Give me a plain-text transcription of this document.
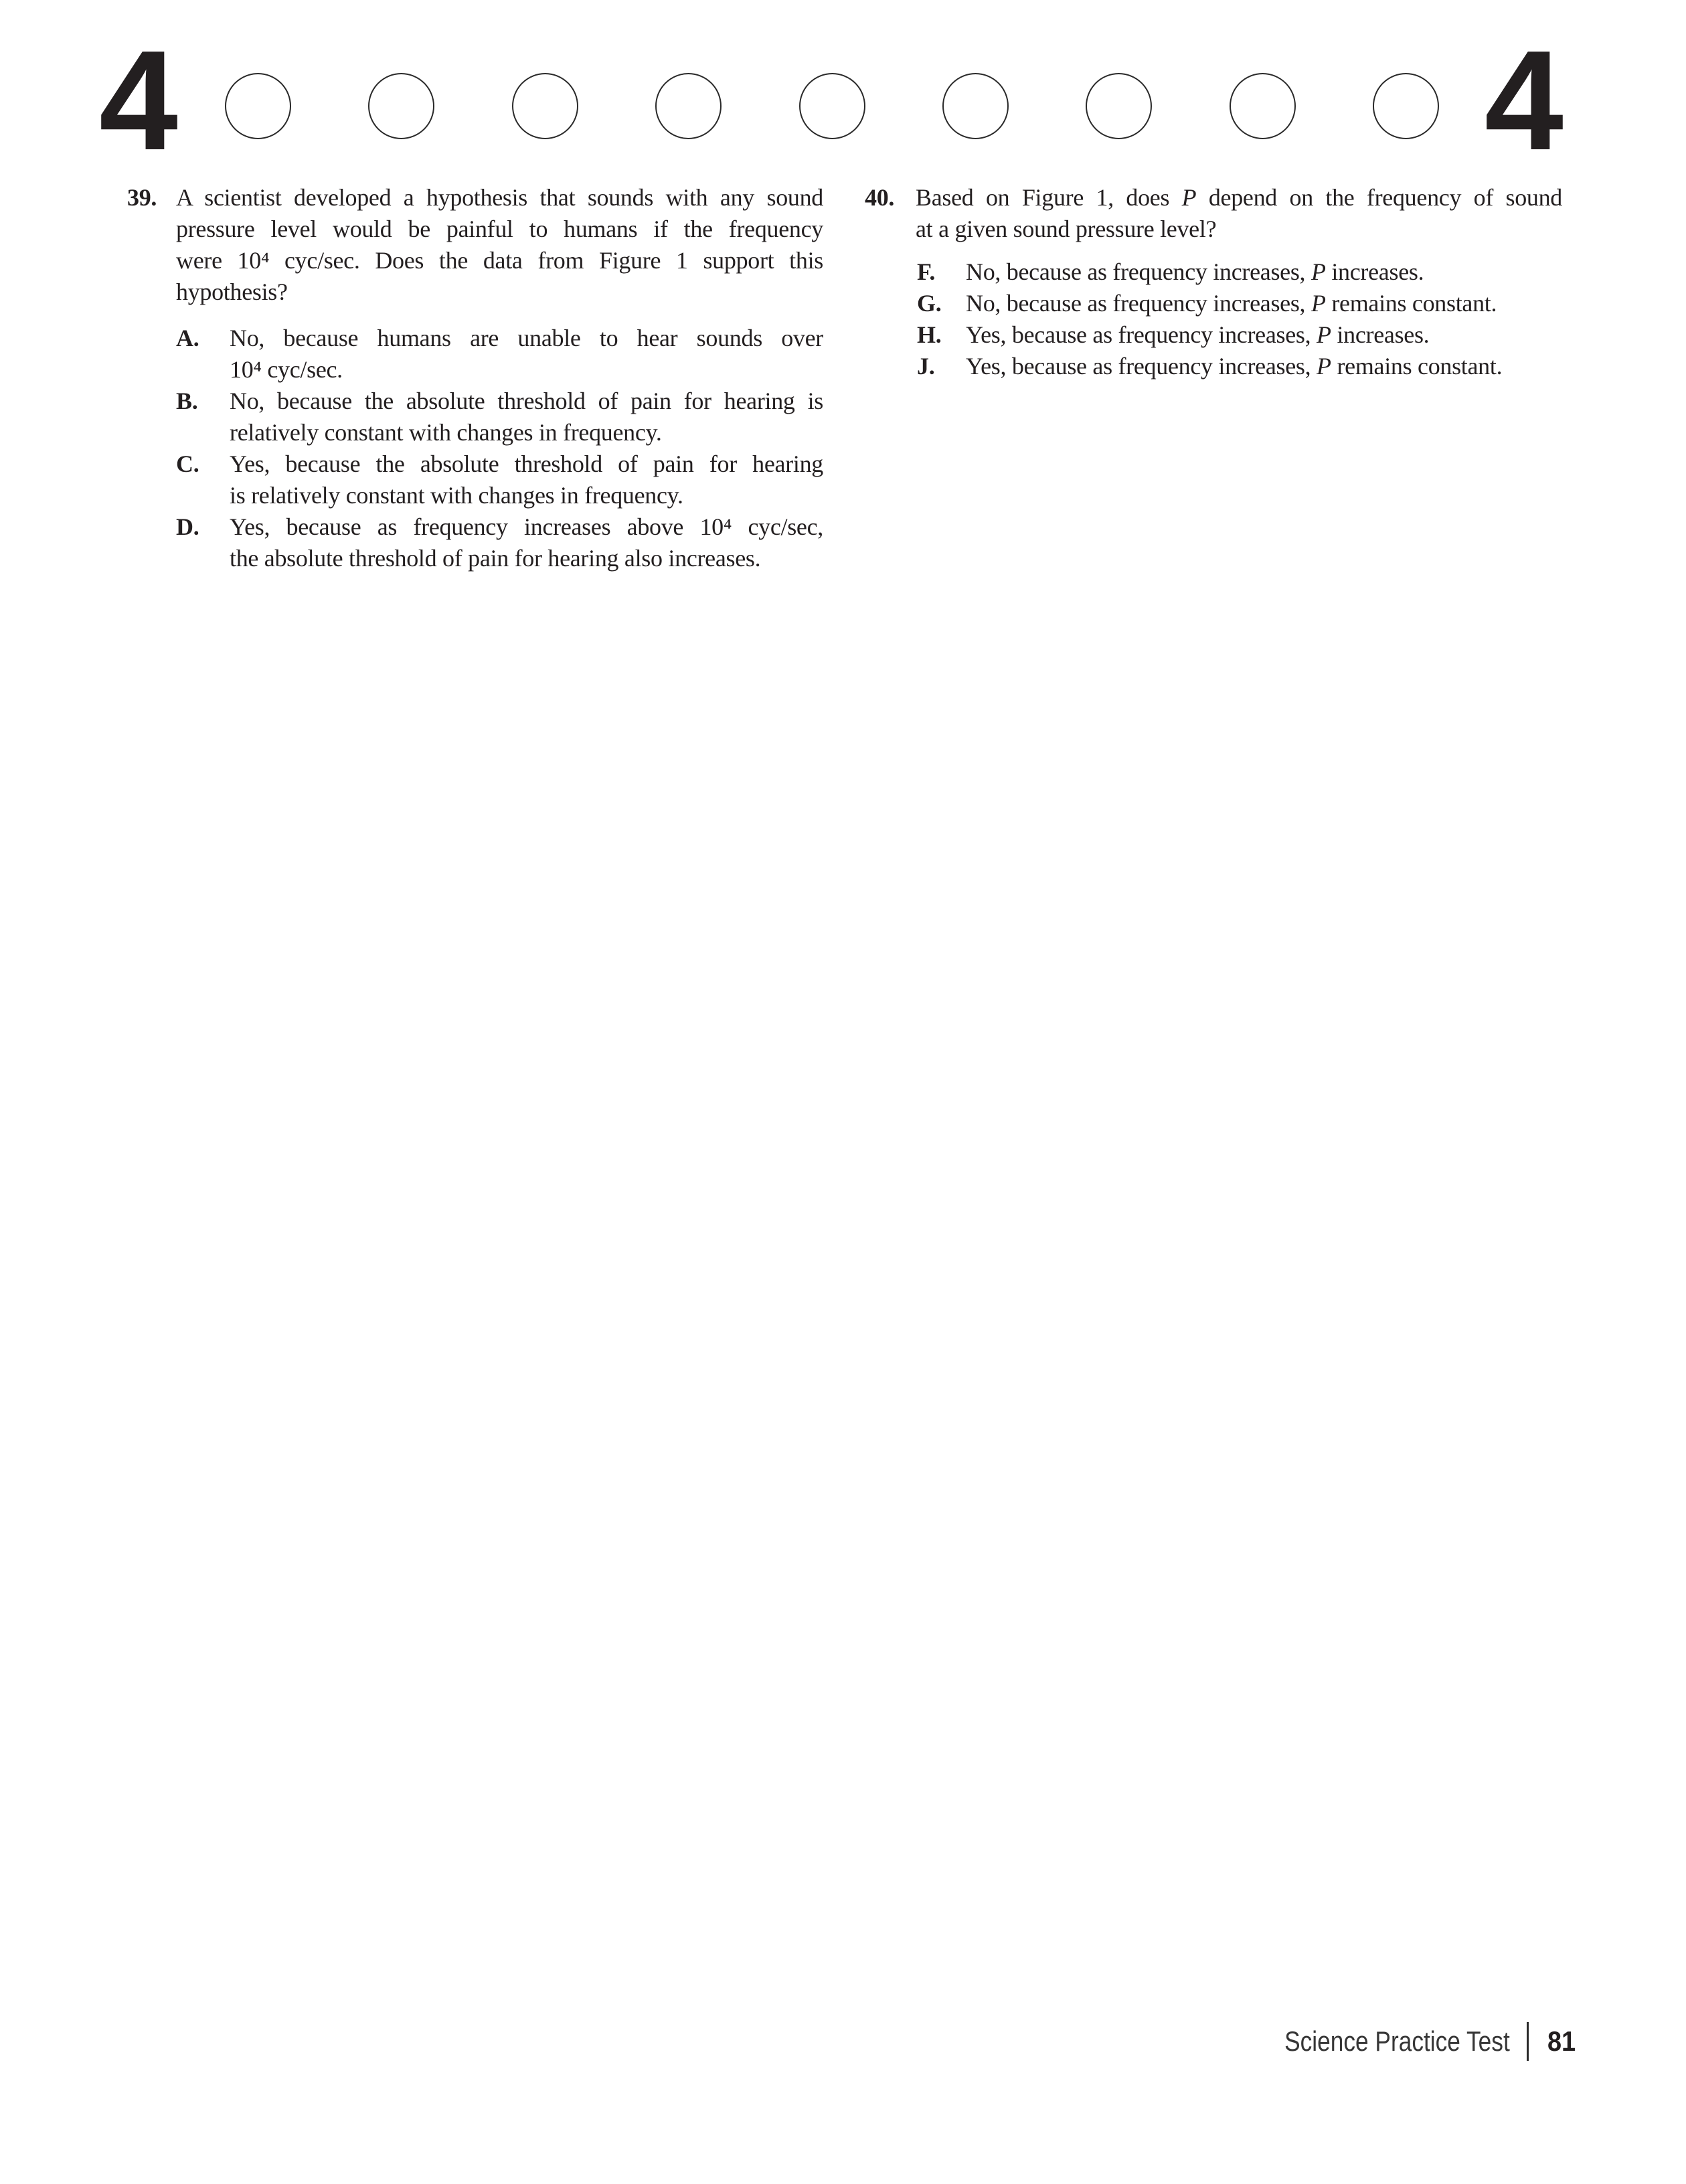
4	4
39. A scientist developed a hypothesis that sounds with any sound
pressure level would be painful to humans if the frequency
were 10⁴ cyc/sec. Does the data from Figure 1 support this
hypothesis?
A. No, because humans are unable to hear sounds over
10⁴ cyc/sec.
B. No, because the absolute threshold of pain for hearing is
relatively constant with changes in frequency.
C. Yes, because the absolute threshold of pain for hearing
is relatively constant with changes in frequency.
D. Yes, because as frequency increases above 10⁴ cyc/sec,
the absolute threshold of pain for hearing also increases.
40. Based on Figure 1, does P depend on the frequency of sound
at a given sound pressure level?
F. No, because as frequency increases, P increases.
G. No, because as frequency increases, P remains constant.
H. Yes, because as frequency increases, P increases.
J. Yes, because as frequency increases, P remains constant.
Science Practice Test 81
